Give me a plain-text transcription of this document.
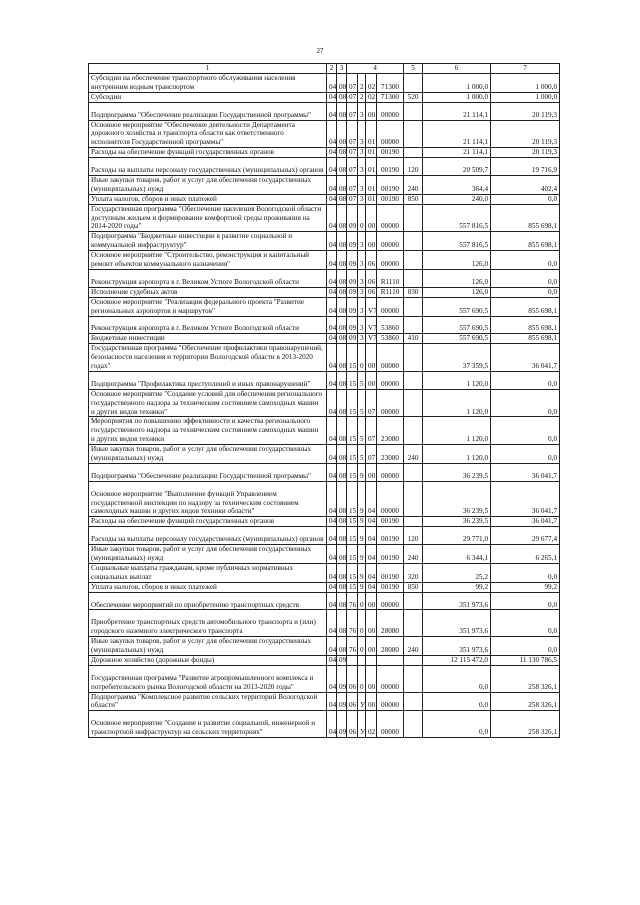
27
1	2	3	4				5	6	7
Субсидии на обеспечение транспортного обслуживания населения внутренним водным транспортом	04	08	07	2	02	71300		1 000,0	1 000,0
Субсидии	04	08	07	2	02	71300	520	1 000,0	1 000,0
Подпрограмма "Обеспечение реализации Государственной программы"	04	08	07	3	00	00000		21 114,1	20 119,3
Основное мероприятие "Обеспечение деятельности Департамента дорожного хозяйства и транспорта области как ответственного исполнителя Государственной программы"	04	08	07	3	01	00000		21 114,1	20 119,3
Расходы на обеспечение функций государственных органов	04	08	07	3	01	00190		21 114,1	20 119,3
Расходы на выплаты персоналу государственных (муниципальных) органов	04	08	07	3	01	00190	120	20 509,7	19 716,9
Иные закупки товаров, работ и услуг для обеспечения государственных (муниципальных) нужд	04	08	07	3	01	00190	240	364,4	402,4
Уплата налогов, сборов и иных платежей	04	08	07	3	01	00190	850	240,0	0,0
Государственная программа "Обеспечение населения Вологодской области доступным жильем и формирование комфортной среды проживания на 2014-2020 годы"	04	08	09	0	00	00000		557 816,5	855 698,1
Подпрограмма "Бюджетные инвестиции в развитие социальной и коммунальной инфраструктур"	04	08	09	3	00	00000		557 816,5	855 698,1
Основное мероприятие "Строительство, реконструкция и капитальный ремонт объектов коммунального назначения"	04	08	09	3	06	00000		126,0	0,0
Реконструкция аэропорта в г. Великом Устюге Вологодской области	04	08	09	3	06	R1110		126,0	0,0
Исполнение судебных актов	04	08	09	3	06	R1110	830	126,0	0,0
Основное мероприятие "Реализация федерального проекта "Развитие региональных аэропортов и маршрутов"	04	08	09	3	V7	00000		557 690,5	855 698,1
Реконструкция аэропорта в г. Великом Устюге Вологодской области	04	08	09	3	V7	53860		557 690,5	855 698,1
Бюджетные инвестиции	04	08	09	3	V7	53860	410	557 690,5	855 698,1
Государственная программа "Обеспечение профилактики правонарушений, безопасности населения и территории Вологодской области в 2013-2020 годах"	04	08	15	0	00	00000		37 359,5	36 041,7
Подпрограмма "Профилактика преступлений и иных правонарушений"	04	08	15	5	00	00000		1 120,0	0,0
Основное мероприятие "Создание условий для обеспечения регионального государственного надзора за техническим состоянием самоходных машин и других видов техники"	04	08	15	5	07	00000		1 120,0	0,0
Мероприятия по повышению эффективности и качества регионального государственного надзора за техническим состоянием самоходных машин и других видов техники	04	08	15	5	07	23080		1 120,0	0,0
Иные закупки товаров, работ и услуг для обеспечения государственных (муниципальных) нужд	04	08	15	5	07	23080	240	1 120,0	0,0
Подпрограмма "Обеспечение реализации Государственной программы"	04	08	15	9	00	00000		36 239,5	36 041,7
Основное мероприятие "Выполнение функций Управлением государственной инспекции по надзору за техническим состоянием самоходных машин и других видов техники области"	04	08	15	9	04	00000		36 239,5	36 041,7
Расходы на обеспечение функций государственных органов	04	08	15	9	04	00190		36 239,5	36 041,7
Расходы на выплаты персоналу государственных (муниципальных) органов	04	08	15	9	04	00190	120	29 771,0	29 677,4
Иные закупки товаров, работ и услуг для обеспечения государственных (муниципальных) нужд	04	08	15	9	04	00190	240	6 344,1	6 265,1
Социальные выплаты гражданам, кроме публичных нормативных социальных выплат	04	08	15	9	04	00190	320	25,2	0,0
Уплата налогов, сборов и иных платежей	04	08	15	9	04	00190	850	99,2	99,2
Обеспечение мероприятий по приобретению транспортных средств	04	08	76	0	00	00000		351 973,6	0,0
Приобретение транспортных средств автомобильного транспорта и (или) городского наземного электрического транспорта	04	08	76	0	00	28080		351 973,6	0,0
Иные закупки товаров, работ и услуг для обеспечения государственных (муниципальных) нужд	04	08	76	0	00	28080	240	351 973,6	0,0
Дорожное хозяйство (дорожные фонды)	04	09						12 115 472,0	11 130 786,5
Государственная программа "Развитие агропромышленного комплекса и потребительского рынка Вологодской области на 2013-2020 годы"	04	09	06	0	00	00000		0,0	258 326,1
Подпрограмма "Комплексное развитие сельских территорий Вологодской области"	04	09	06	У	00	00000		0,0	258 326,1
Основное мероприятие "Создание и развитие социальной, инженерной и транспортной инфраструктур на сельских территориях"	04	09	06	У	02	00000		0,0	258 326,1
